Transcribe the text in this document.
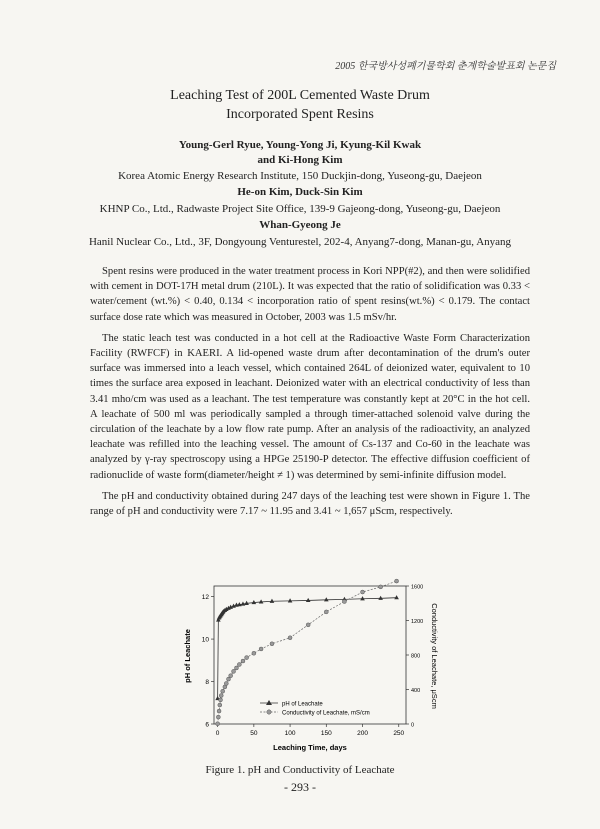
2005 한국방사성폐기물학회 춘계학술발표회 논문집
Leaching Test of 200L Cemented Waste Drum
Incorporated Spent Resins
Young-Gerl Ryue, Young-Yong Ji, Kyung-Kil Kwak
and Ki-Hong Kim
Korea Atomic Energy Research Institute, 150 Duckjin-dong, Yuseong-gu, Daejeon
He-on Kim, Duck-Sin Kim
KHNP Co., Ltd., Radwaste Project Site Office, 139-9 Gajeong-dong, Yuseong-gu, Daejeon
Whan-Gyeong Je
Hanil Nuclear Co., Ltd., 3F, Dongyoung Venturestel, 202-4, Anyang7-dong, Manan-gu, Anyang

Spent resins were produced in the water treatment process in Kori NPP(#2), and then were solidified with cement in DOT-17H metal drum (210L). It was expected that the ratio of solidification was 0.33 < water/cement (wt.%) < 0.40, 0.134 < incorporation ratio of spent resins(wt.%) < 0.179. The contact surface dose rate which was measured in October, 2003 was 1.5 mSv/hr.

The static leach test was conducted in a hot cell at the Radioactive Waste Form Characterization Facility (RWFCF) in KAERI. A lid-opened waste drum after decontamination of the drum's outer surface was immersed into a leach vessel, which contained 264L of deionized water, equivalent to 10 times the surface area exposed in leachant. Deionized water with an electrical conductivity of less than 3.41 mho/cm was used as a leachant. The test temperature was constantly kept at 20°C in the hot cell. A leachate of 500 ml was periodically sampled a through timer-attached solenoid valve during the circulation of the leachate by a low flow rate pump. After an analysis of the radioactivity, an analyzed leachate was refilled into the leaching vessel. The amount of Cs-137 and Co-60 in the leachate was analyzed by γ-ray spectroscopy using a HPGe 25190-P detector. The effective diffusion coefficient of radionuclide of waste form(diameter/height ≠ 1) was determined by semi-infinite diffusion model.

The pH and conductivity obtained during 247 days of the leaching test were shown in Figure 1. The range of pH and conductivity were 7.17 ~ 11.95 and 3.41 ~ 1,657 μScm, respectively.

0	50	100	150	200	250
6
8
10
12
0
400
800
1200
1600
Leaching Time, days
pH of Leachate	Conductivity of Leachate, μScm
pH of Leachate
Conductivity of Leachate, mS/cm
Figure 1. pH and Conductivity of Leachate
- 293 -
